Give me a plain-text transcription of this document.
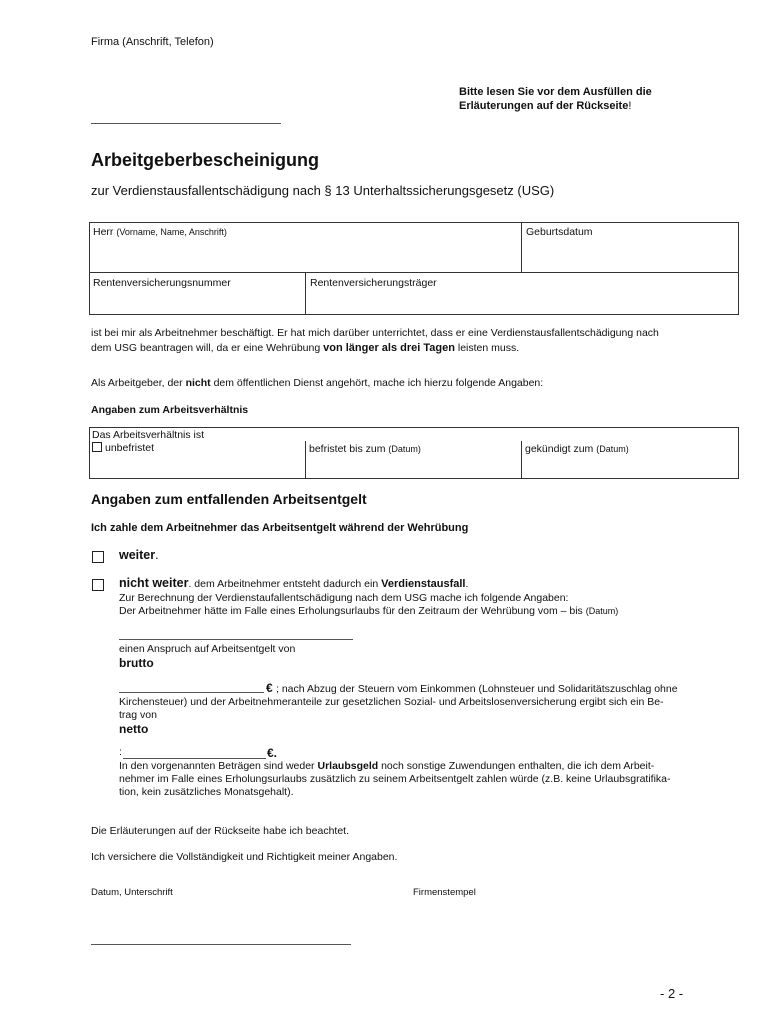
Firma (Anschrift, Telefon)
Bitte lesen Sie vor dem Ausfüllen die
Erläuterungen auf der Rückseite!
Arbeitgeberbescheinigung
zur Verdienstausfallentschädigung nach § 13 Unterhaltssicherungsgesetz (USG)
Herr (Vorname, Name, Anschrift)	Geburtsdatum
Rentenversicherungsnummer	Rentenversicherungsträger
ist bei mir als Arbeitnehmer beschäftigt. Er hat mich darüber unterrichtet, dass er eine Verdienstausfallentschädigung nach
dem USG beantragen will, da er eine Wehrübung von länger als drei Tagen leisten muss.
Als Arbeitgeber, der nicht dem öffentlichen Dienst angehört, mache ich hierzu folgende Angaben:
Angaben zum Arbeitsverhältnis
Das Arbeitsverhältnis ist
unbefristet	befristet bis zum (Datum)	gekündigt zum (Datum)
Angaben zum entfallenden Arbeitsentgelt
Ich zahle dem Arbeitnehmer das Arbeitsentgelt während der Wehrübung
weiter.
nicht weiter. dem Arbeitnehmer entsteht dadurch ein Verdienstausfall.
Zur Berechnung der Verdienstaufallentschädigung nach dem USG mache ich folgende Angaben:
Der Arbeitnehmer hätte im Falle eines Erholungsurlaubs für den Zeitraum der Wehrübung vom – bis (Datum)
einen Anspruch auf Arbeitsentgelt von
brutto
€ ; nach Abzug der Steuern vom Einkommen (Lohnsteuer und Solidaritätszuschlag ohne
Kirchensteuer) und der Arbeitnehmeranteile zur gesetzlichen Sozial- und Arbeitslosenversicherung ergibt sich ein Be-
trag von
netto
:	€.
In den vorgenannten Beträgen sind weder Urlaubsgeld noch sonstige Zuwendungen enthalten, die ich dem Arbeit-
nehmer im Falle eines Erholungsurlaubs zusätzlich zu seinem Arbeitsentgelt zahlen würde (z.B. keine Urlaubsgratifika-
tion, kein zusätzliches Monatsgehalt).
Die Erläuterungen auf der Rückseite habe ich beachtet.
Ich versichere die Vollständigkeit und Richtigkeit meiner Angaben.
Datum, Unterschrift	Firmenstempel
- 2 -
